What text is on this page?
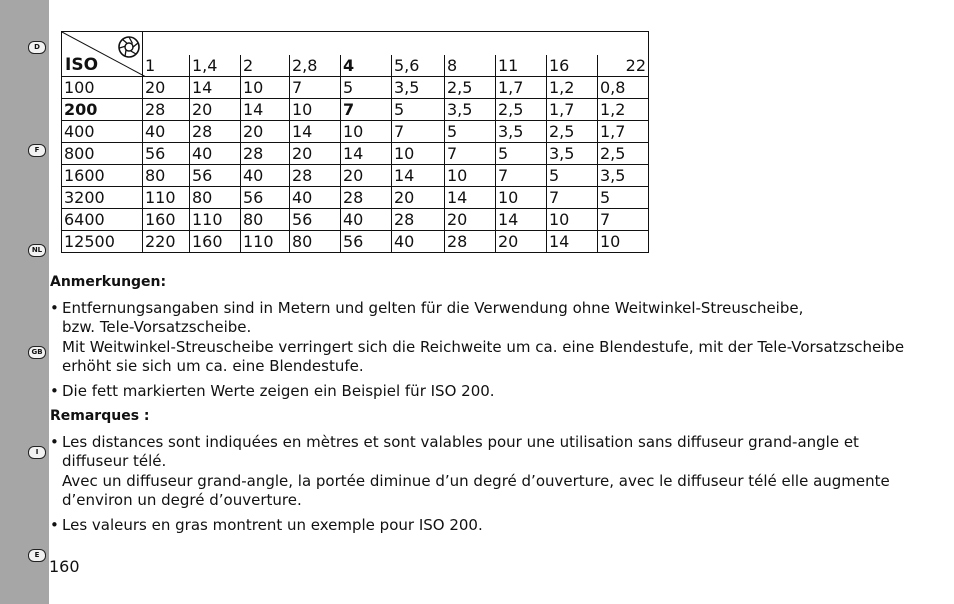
D
F
NL
GB
I
E
ISO										

	1	1,4	2	2,8	4	5,6	8	11	16	22
100	20	14	10	7	5	3,5	2,5	1,7	1,2	0,8
200	28	20	14	10	7	5	3,5	2,5	1,7	1,2
400	40	28	20	14	10	7	5	3,5	2,5	1,7
800	56	40	28	20	14	10	7	5	3,5	2,5
1600	80	56	40	28	20	14	10	7	5	3,5
3200	110	80	56	40	28	20	14	10	7	5
6400	160	110	80	56	40	28	20	14	10	7
12500	220	160	110	80	56	40	28	20	14	10
Anmerkungen:

• Entfernungsangaben sind in Metern und gelten für die Verwendung ohne Weitwinkel-Streuscheibe,
bzw. Tele-Vorsatzscheibe.
Mit Weitwinkel-Streuscheibe verringert sich die Reichweite um ca. eine Blendestufe, mit der Tele-Vorsatzscheibe
erhöht sie sich um ca. eine Blendestufe.

• Die fett markierten Werte zeigen ein Beispiel für ISO 200.

Remarques :

• Les distances sont indiquées en mètres et sont valables pour une utilisation sans diffuseur grand-angle et
diffuseur télé.
Avec un diffuseur grand-angle, la portée diminue d’un degré d’ouverture, avec le diffuseur télé elle augmente
d’environ un degré d’ouverture.

• Les valeurs en gras montrent un exemple pour ISO 200.

160
